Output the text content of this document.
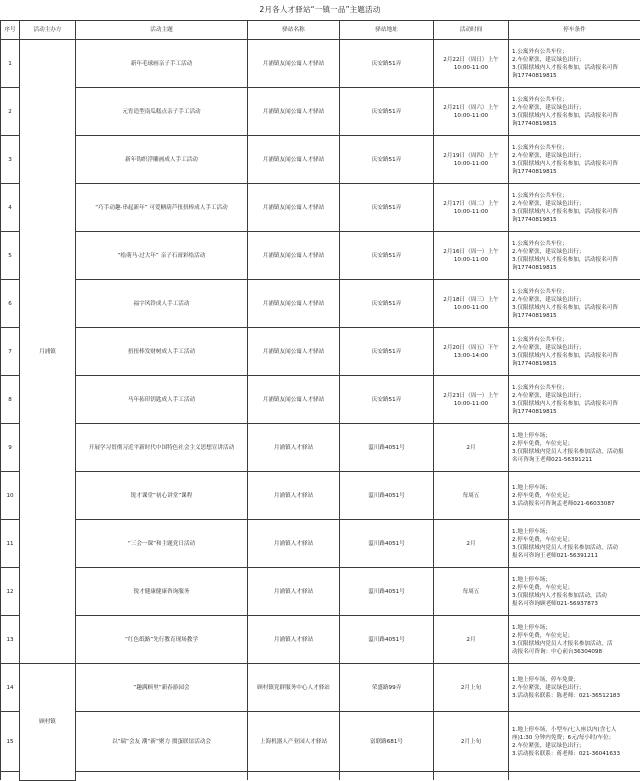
2月各人才驿站“一镇一品”主题活动
序号	活动主办方	活动主题	驿站名称	驿站地址	活动时间	停车条件
1	月浦镇	新年毛球画亲子手工活动	月浦镇友闻公寓人才驿站	庆安路51弄	2月22日（周日）上午
10:00-11:00	1.公寓外有公共车位；
2.车位紧张，建议绿色出行；
3.仅限辖域内人才报名参加，活动报名可咨
询17740819815

2		元宵造型南瓜糕点亲子手工活动	月浦镇友闻公寓人才驿站	庆安路51弄	2月21日（周六）上午
10:00-11:00	1.公寓外有公共车位；
2.车位紧张，建议绿色出行；
3.仅限辖域内人才报名参加，活动报名可咨
询17740819815

3		新年钩织浮雕画成人手工活动	月浦镇友闻公寓人才驿站	庆安路51弄	2月19日（周四）上午
10:00-11:00	1.公寓外有公共车位；
2.车位紧张，建议绿色出行；
3.仅限辖域内人才报名参加，活动报名可咨
询17740819815

4		“巧手动趣·串起新年” 可爱糖葫芦扭扭棒成人手工活动	月浦镇友闻公寓人才驿站	庆安路51弄	2月17日（周二）上午
10:00-11:00	1.公寓外有公共车位；
2.车位紧张，建议绿色出行；
3.仅限辖域内人才报名参加，活动报名可咨
询17740819815

5		“绘萌马·过大年” 亲子石膏彩绘活动	月浦镇友闻公寓人才驿站	庆安路51弄	2月16日（周一）上午
10:00-11:00	1.公寓外有公共车位；
2.车位紧张，建议绿色出行；
3.仅限辖域内人才报名参加，活动报名可咨
询17740819815

6		福字风铃成人手工活动	月浦镇友闻公寓人才驿站	庆安路51弄	2月18日（周三）上午
10:00-11:00	1.公寓外有公共车位；
2.车位紧张，建议绿色出行；
3.仅限辖域内人才报名参加，活动报名可咨
询17740819815

7		扭扭棒发财树成人手工活动	月浦镇友闻公寓人才驿站	庆安路51弄	2月20日（周五）下午
13:00-14:00	1.公寓外有公共车位；
2.车位紧张，建议绿色出行；
3.仅限辖域内人才报名参加，活动报名可咨
询17740819815

8		马年拓印钥匙成人手工活动	月浦镇友闻公寓人才驿站	庆安路51弄	2月23日（周一）上午
10:00-11:00	1.公寓外有公共车位；
2.车位紧张，建议绿色出行；
3.仅限辖域内人才报名参加，活动报名可咨
询17740819815

9		开展学习贯彻习近平新时代中国特色社会主义思想宣讲活动	月浦镇人才驿站	蕰川路4051号	2月	1.地上停车场；
2.停车免费，车位充足；
3.仅限辖域内党员人才报名参加活动，活动报
名可咨询王老师021-56391211

10		锐才课堂“初心讲堂”课程	月浦镇人才驿站	蕰川路4051号	每周五	1.地上停车场；
2.停车免费，车位充足；
3.活动报名可咨询孟老师021-66033087

11		“三会一课”和主题党日活动	月浦镇人才驿站	蕰川路4051号	2月	1.地上停车场；
2.停车免费，车位充足；
3.仅限辖域内党员人才报名参加活动，活动
报名可咨询王老师021-56391211

12		锐才健康健康咨询服务	月浦镇人才驿站	蕰川路4051号	每周五	1.地上停车场；
2.停车免费，车位充足；
3.仅限辖域内人才报名参加活动，活动
报名可咨询顾老师021-56937873

13		“红色纸路”先行教育现场教学	月浦镇人才驿站	蕰川路4051号	2月	1.地上停车场；
2.停车免费，车位充足；
3.仅限辖域内党员人才报名参加活动，活
动报名可咨询：中心前台36304098

14	顾村镇	“趣满顾里”新春游园会	顾村镇党群服务中心人才驿站	荣盛路99弄	2月上旬	1.地上停车场，停车免费；
2.车位紧张，建议绿色出行；
3.活动报名联系：陈老师：021-36512183

15		以“瑞”会友 潮“新”聚力 掼蛋联谊活动会	上海机器人产业园人才驿站	富联路681号	2月上旬	1.地上停车场，小型车/七人座以内(含七人
座)1:30 分钟内免费；6元/每小时/车位；
2.车位紧张，建议绿色出行；
3.活动报名联系：蒋老师：021-36041633
